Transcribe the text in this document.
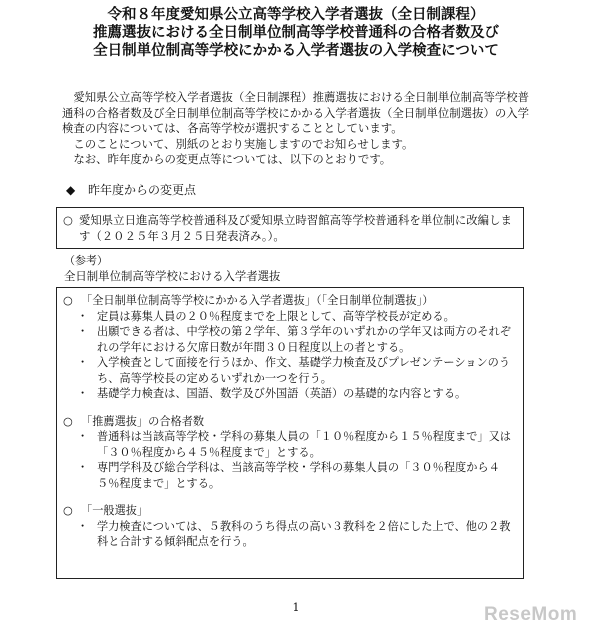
令和８年度愛知県公立高等学校入学者選抜（全日制課程）
推薦選抜における全日制単位制高等学校普通科の合格者数及び
全日制単位制高等学校にかかる入学者選抜の入学検査について

愛知県公立高等学校入学者選抜（全日制課程）推薦選抜における全日制単位制高等学校普通科の合格者数及び全日制単位制高等学校にかかる入学者選抜（全日制単位制選抜）の入学検査の内容については、各高等学校が選択することとしています。

このことについて、別紙のとおり実施しますのでお知らせします。

なお、昨年度からの変更点等については、以下のとおりです。

◆ 昨年度からの変更点
○ 愛知県立日進高等学校普通科及び愛知県立時習館高等学校普通科を単位制に改編します（２０２５年３月２５日発表済み。）。
（参考）
全日制単位制高等学校における入学者選抜
○ 「全日制単位制高等学校にかかる入学者選抜」（「全日制単位制選抜」）
・ 定員は募集人員の２０％程度までを上限として、高等学校長が定める。
・ 出願できる者は、中学校の第２学年、第３学年のいずれかの学年又は両方のそれぞれの学年における欠席日数が年間３０日程度以上の者とする。
・ 入学検査として面接を行うほか、作文、基礎学力検査及びプレゼンテーションのうち、高等学校長の定めるいずれか一つを行う。
・ 基礎学力検査は、国語、数学及び外国語（英語）の基礎的な内容とする。
○ 「推薦選抜」の合格者数
・ 普通科は当該高等学校・学科の募集人員の「１０％程度から１５％程度まで」又は「３０％程度から４５％程度まで」とする。
・ 専門学科及び総合学科は、当該高等学校・学科の募集人員の「３０％程度から４５％程度まで」とする。
○ 「一般選抜」
・ 学力検査については、５教科のうち得点の高い３教科を２倍にした上で、他の２教科と合計する傾斜配点を行う。
1	ReseMom
